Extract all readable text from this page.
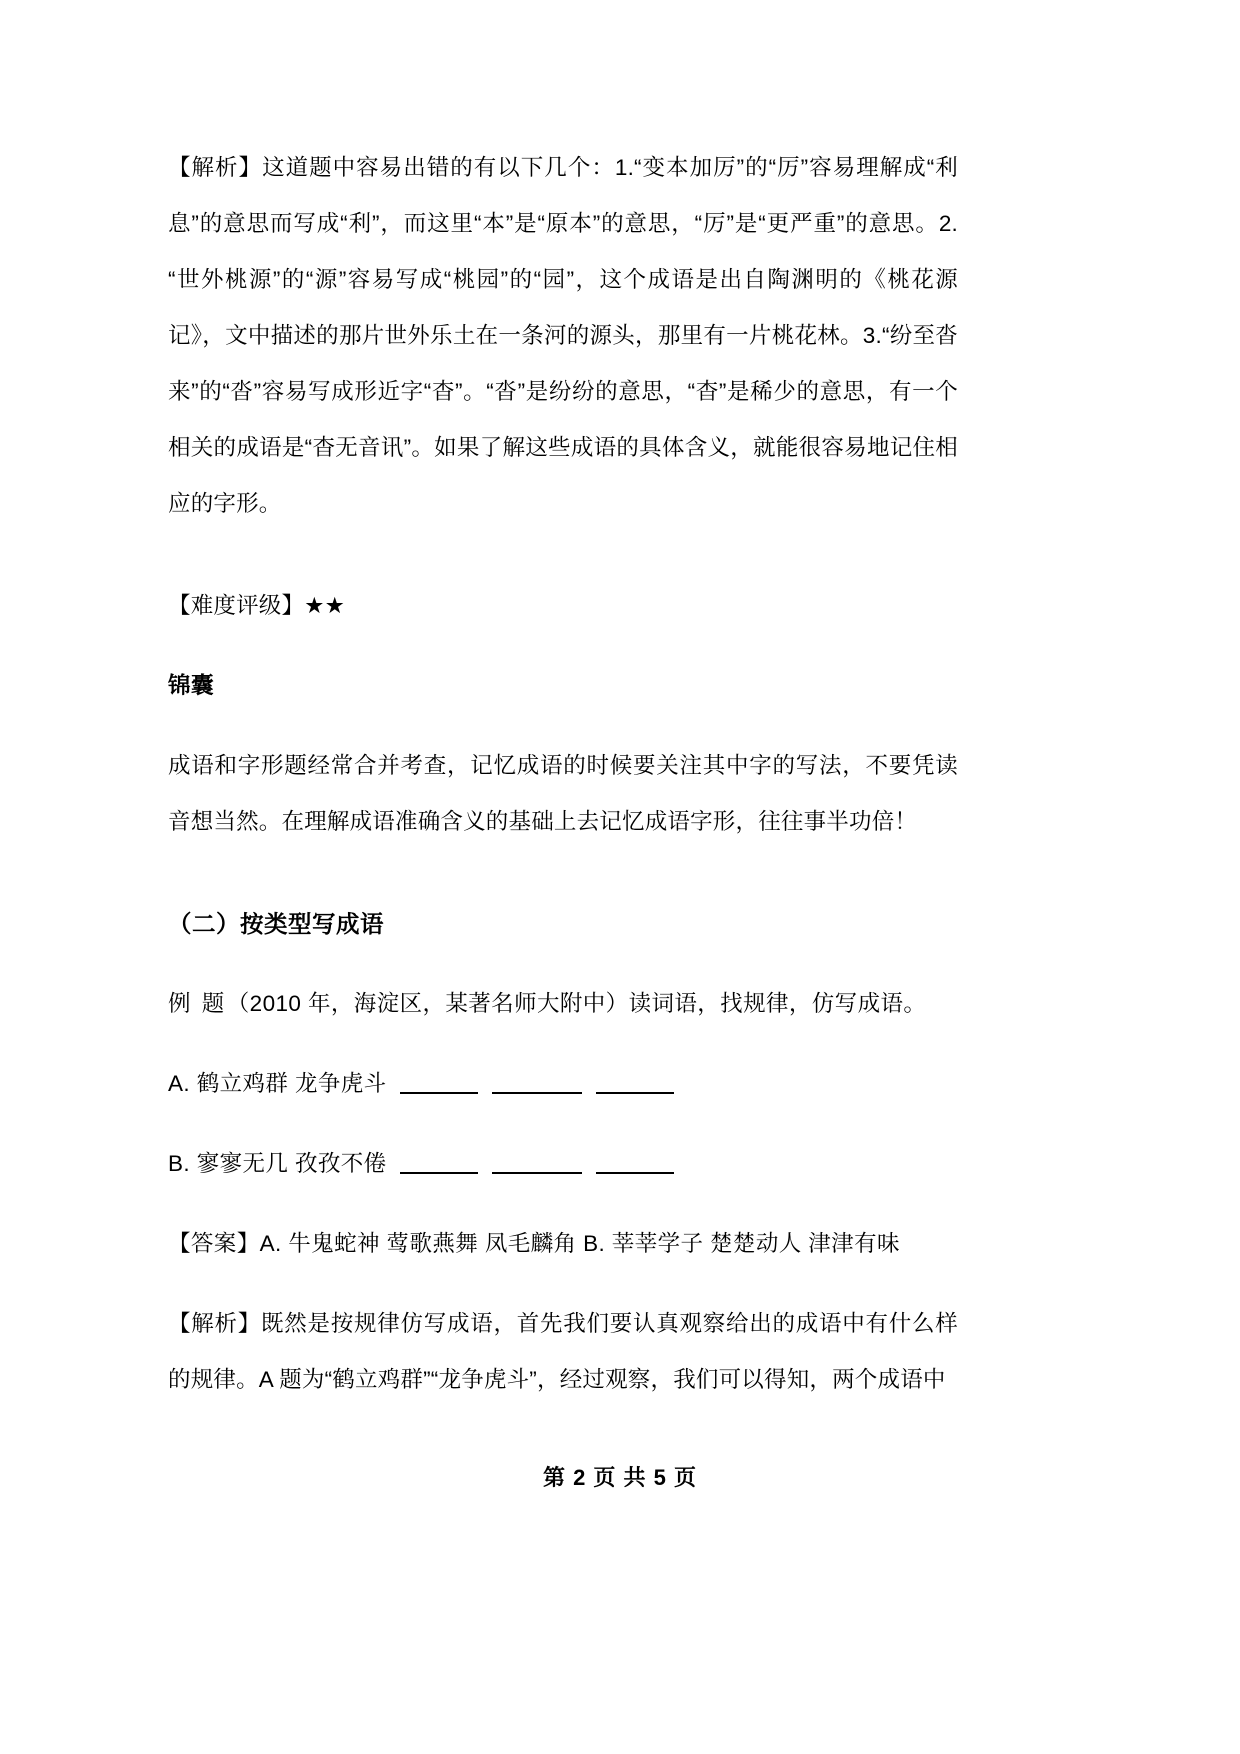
【解析】这道题中容易出错的有以下几个：1.“变本加厉”的“厉”容易理解成“利息”的意思而写成“利”，而这里“本”是“原本”的意思，“厉”是“更严重”的意思。2.“世外桃源”的“源”容易写成“桃园”的“园”，这个成语是出自陶渊明的《桃花源记》，文中描述的那片世外乐土在一条河的源头，那里有一片桃花林。3.“纷至沓来”的“沓”容易写成形近字“杳”。“沓”是纷纷的意思，“杳”是稀少的意思，有一个相关的成语是“杳无音讯”。如果了解这些成语的具体含义，就能很容易地记住相应的字形。

【难度评级】★★

锦囊

成语和字形题经常合并考查，记忆成语的时候要关注其中字的写法，不要凭读音想当然。在理解成语准确含义的基础上去记忆成语字形，往往事半功倍！

（二）按类型写成语

例 题（2010 年，海淀区，某著名师大附中）读词语，找规律，仿写成语。

A. 鹤立鸡群 龙争虎斗

B. 寥寥无几 孜孜不倦

【答案】A. 牛鬼蛇神 莺歌燕舞 凤毛麟角 B. 莘莘学子 楚楚动人 津津有味

【解析】既然是按规律仿写成语，首先我们要认真观察给出的成语中有什么样的规律。A 题为“鹤立鸡群”“龙争虎斗”，经过观察，我们可以得知，两个成语中

第 2 页 共 5 页
